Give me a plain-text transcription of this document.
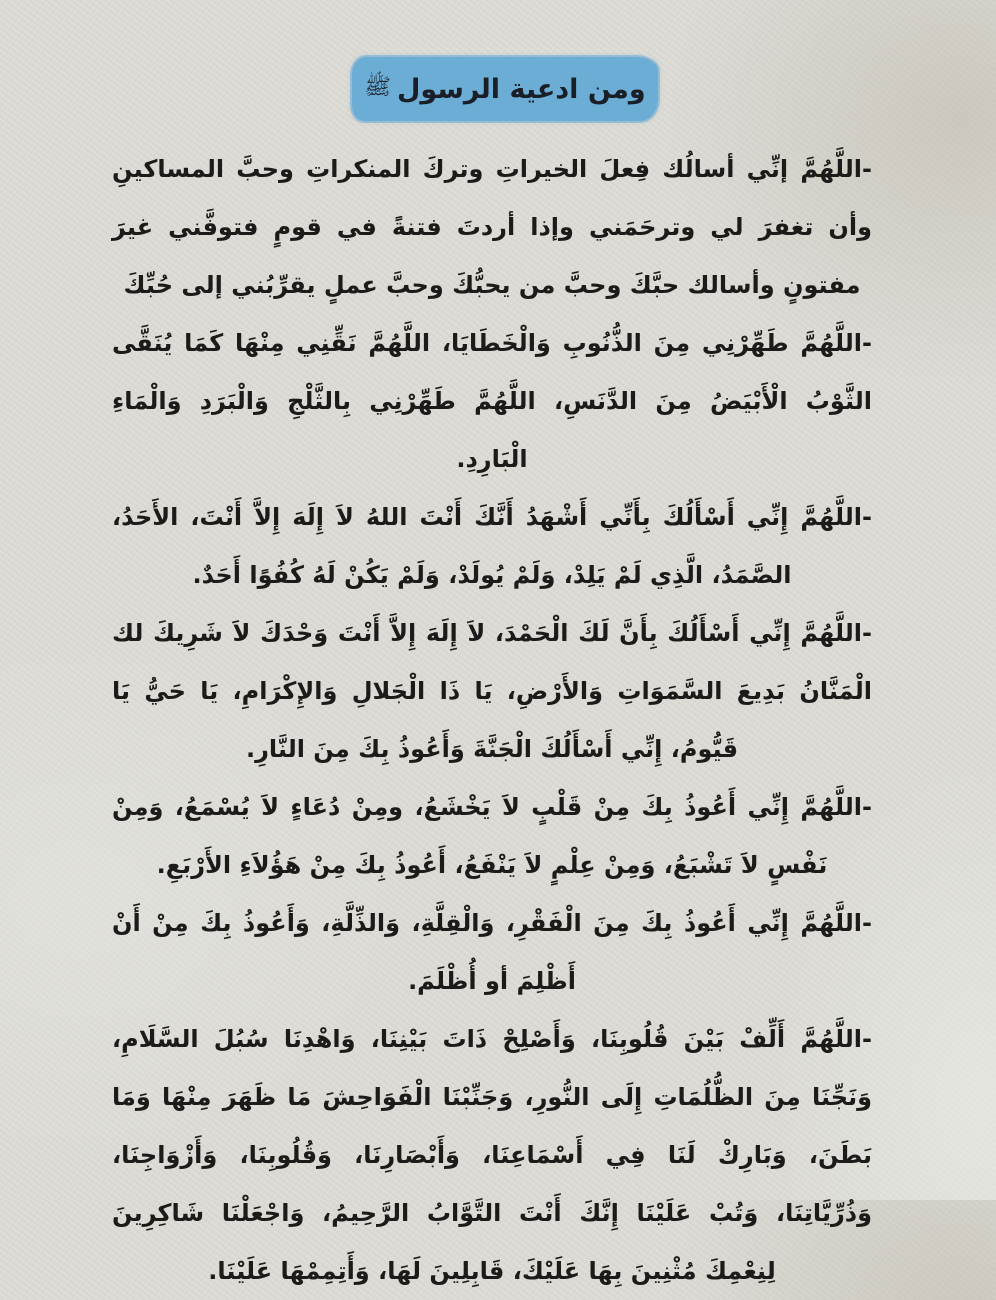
ومن ادعية الرسول
ﷺ

-اللَّهُمَّ إنِّي أسالُك فِعلَ الخيراتِ وتركَ المنكراتِ وحبَّ المساكينِ وأن تغفرَ لي وترحَمَني وإذا أردتَ فتنةً في قومٍ فتوفَّني غيرَ مفتونٍ وأسالك حبَّكَ وحبَّ من يحبُّكَ وحبَّ عملٍ يقرِّبُني إلى حُبِّكَ

-اللَّهُمَّ طَهِّرْنِي مِنَ الذُّنُوبِ وَالْخَطَايَا، اللَّهُمَّ نَقِّنِي مِنْهَا كَمَا يُنَقَّى الثَّوْبُ الْأَبْيَضُ مِنَ الدَّنَسِ، اللَّهُمَّ طَهِّرْنِي بِالثَّلْجِ وَالْبَرَدِ وَالْمَاءِ الْبَارِدِ.

-اللَّهُمَّ إِنِّي أَسْأَلُكَ بِأَنِّي أَشْهَدُ أَنَّكَ أَنْتَ اللهُ لاَ إِلَهَ إِلاَّ أَنْتَ، الأَحَدُ، الصَّمَدُ، الَّذِي لَمْ يَلِدْ، وَلَمْ يُولَدْ، وَلَمْ يَكُنْ لَهُ كُفُوًا أَحَدٌ.

-اللَّهُمَّ إِنِّي أَسْأَلُكَ بِأَنَّ لَكَ الْحَمْدَ، لاَ إِلَهَ إِلاَّ أَنْتَ وَحْدَكَ لاَ شَرِيكَ لك الْمَنَّانُ بَدِيعَ السَّمَوَاتِ وَالأَرْضِ، يَا ذَا الْجَلالِ وَالإِكْرَامِ، يَا حَيُّ يَا قَيُّومُ، إِنِّي أَسْأَلُكَ الْجَنَّةَ وَأَعُوذُ بِكَ مِنَ النَّارِ.

-اللَّهُمَّ إِنِّي أَعُوذُ بِكَ مِنْ قَلْبٍ لاَ يَخْشَعُ، ومِنْ دُعَاءٍ لاَ يُسْمَعُ، وَمِنْ نَفْسٍ لاَ تَشْبَعُ، وَمِنْ عِلْمٍ لاَ يَنْفَعُ، أَعُوذُ بِكَ مِنْ هَؤُلاَءِ الأَرْبَعِ.

-اللَّهُمَّ إِنِّي أَعُوذُ بِكَ مِنَ الْفَقْرِ، وَالْقِلَّةِ، وَالذِّلَّةِ، وَأَعُوذُ بِكَ مِنْ أَنْ أَظْلِمَ أو أُظْلَمَ.

-اللَّهُمَّ أَلِّفْ بَيْنَ قُلُوبِنَا، وَأَصْلِحْ ذَاتَ بَيْنِنَا، وَاهْدِنَا سُبُلَ السَّلَامِ، وَنَجِّنَا مِنَ الظُّلُمَاتِ إِلَى النُّورِ، وَجَنِّبْنَا الْفَوَاحِشَ مَا ظَهَرَ مِنْهَا وَمَا بَطَنَ، وَبَارِكْ لَنَا فِي أَسْمَاعِنَا، وَأَبْصَارِنَا، وَقُلُوبِنَا، وَأَزْوَاجِنَا، وَذُرِّيَّاتِنَا، وَتُبْ عَلَيْنَا إِنَّكَ أَنْتَ التَّوَّابُ الرَّحِيمُ، وَاجْعَلْنَا شَاكِرِينَ لِنِعْمِكَ مُثْنِينَ بِهَا عَلَيْكَ، قَابِلِينَ لَهَا، وَأَتِمِمْهَا عَلَيْنَا.
